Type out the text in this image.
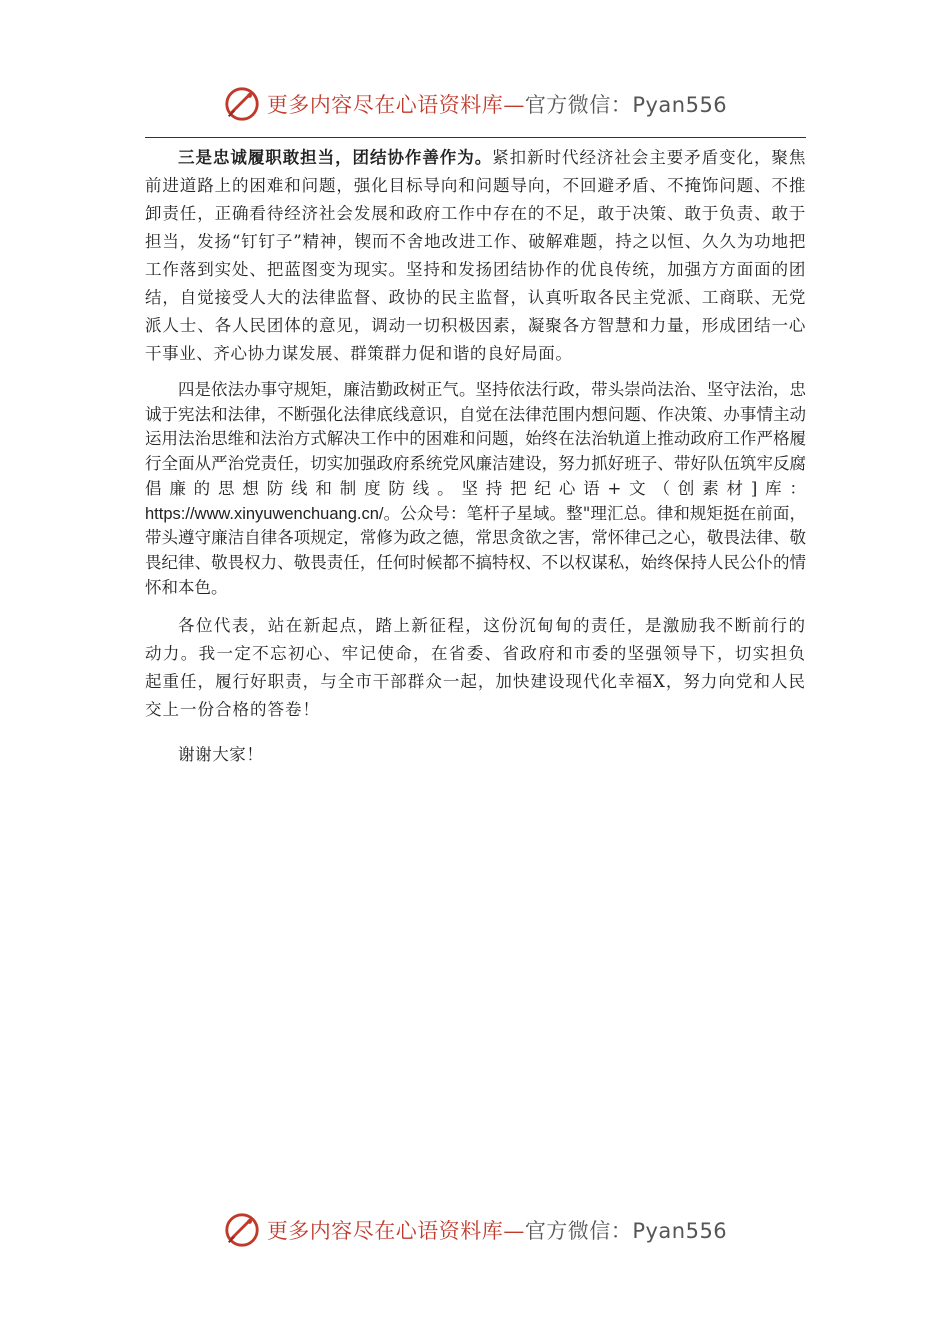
更多内容尽在心语资料库—官方微信：Pyan556

三是忠诚履职敢担当，团结协作善作为。紧扣新时代经济社会主要矛盾变化，聚焦前进道路上的困难和问题，强化目标导向和问题导向，不回避矛盾、不掩饰问题、不推卸责任，正确看待经济社会发展和政府工作中存在的不足，敢于决策、敢于负责、敢于担当，发扬“钉钉子”精神，锲而不舍地改进工作、破解难题，持之以恒、久久为功地把工作落到实处、把蓝图变为现实。坚持和发扬团结协作的优良传统，加强方方面面的团结，自觉接受人大的法律监督、政协的民主监督，认真听取各民主党派、工商联、无党派人士、各人民团体的意见，调动一切积极因素，凝聚各方智慧和力量，形成团结一心干事业、齐心协力谋发展、群策群力促和谐的良好局面。

四是依法办事守规矩，廉洁勤政树正气。坚持依法行政，带头崇尚法治、坚守法治，忠诚于宪法和法律，不断强化法律底线意识，自觉在法律范围内想问题、作决策、办事情主动运用法治思维和法治方式解决工作中的困难和问题，始终在法治轨道上推动政府工作严格履行全面从严治党责任，切实加强政府系统党风廉洁建设，努力抓好班子、带好队伍筑牢反腐倡廉的思想防线和制度防线。坚持把纪心语+文（创素材]库：https://www.xinyuwenchuang.cn/。公众号：笔杆子星域。整"理汇总。律和规矩挺在前面，带头遵守廉洁自律各项规定，常修为政之德，常思贪欲之害，常怀律己之心，敬畏法律、敬畏纪律、敬畏权力、敬畏责任，任何时候都不搞特权、不以权谋私，始终保持人民公仆的情怀和本色。

各位代表，站在新起点，踏上新征程，这份沉甸甸的责任，是激励我不断前行的动力。我一定不忘初心、牢记使命，在省委、省政府和市委的坚强领导下，切实担负起重任，履行好职责，与全市干部群众一起，加快建设现代化幸福X，努力向党和人民交上一份合格的答卷！

谢谢大家！

更多内容尽在心语资料库—官方微信：Pyan556
